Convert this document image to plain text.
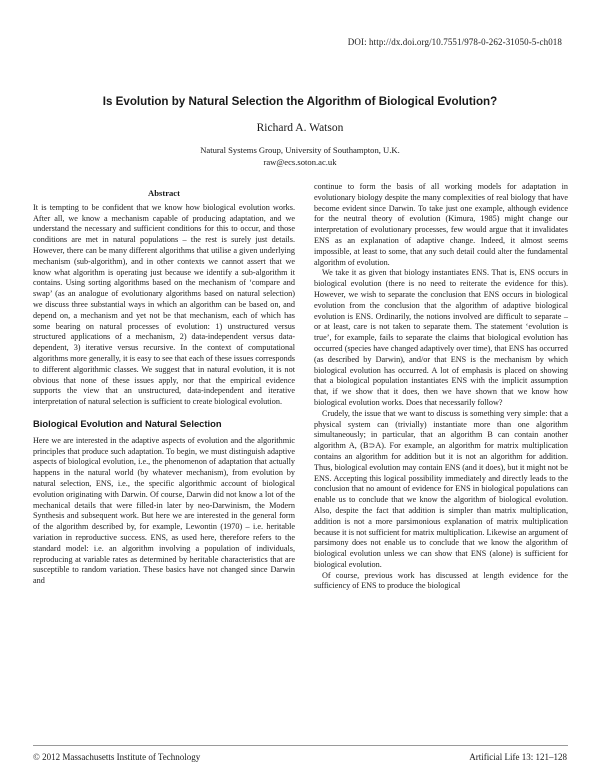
DOI: http://dx.doi.org/10.7551/978-0-262-31050-5-ch018
Is Evolution by Natural Selection the Algorithm of Biological Evolution?
Richard A. Watson
Natural Systems Group, University of Southampton, U.K.
raw@ecs.soton.ac.uk
Abstract

It is tempting to be confident that we know how biological evolution works. After all, we know a mechanism capable of producing adaptation, and we understand the necessary and sufficient conditions for this to occur, and those conditions are met in natural populations – the rest is surely just details. However, there can be many different algorithms that utilise a given underlying mechanism (sub-algorithm), and in other contexts we cannot assert that we know what algorithm is operating just because we identify a sub-algorithm it contains. Using sorting algorithms based on the mechanism of ‘compare and swap’ (as an analogue of evolutionary algorithms based on natural selection) we discuss three substantial ways in which an algorithm can be based on, and depend on, a mechanism and yet not be that mechanism, each of which has some bearing on natural processes of evolution: 1) unstructured versus structured applications of a mechanism, 2) data-independent versus data-dependent, 3) iterative versus recursive. In the context of computational algorithms more generally, it is easy to see that each of these issues corresponds to different algorithmic classes. We suggest that in natural evolution, it is not obvious that none of these issues apply, nor that the empirical evidence supports the view that an unstructured, data-independent and iterative interpretation of natural selection is sufficient to create biological evolution.

Biological Evolution and Natural Selection

Here we are interested in the adaptive aspects of evolution and the algorithmic principles that produce such adaptation. To begin, we must distinguish adaptive aspects of biological evolution, i.e., the phenomenon of adaptation that actually happens in the natural world (by whatever mechanism), from evolution by natural selection, ENS, i.e., the specific algorithmic account of biological evolution originating with Darwin. Of course, Darwin did not know a lot of the mechanical details that were filled-in later by neo-Darwinism, the Modern Synthesis and subsequent work. But here we are interested in the general form of the algorithm described by, for example, Lewontin (1970) – i.e. heritable variation in reproductive success. ENS, as used here, therefore refers to the standard model: i.e. an algorithm involving a population of individuals, reproducing at variable rates as determined by heritable characteristics that are susceptible to random variation. These basics have not changed since Darwin and

continue to form the basis of all working models for adaptation in evolutionary biology despite the many complexities of real biology that have become evident since Darwin. To take just one example, although evidence for the neutral theory of evolution (Kimura, 1985) might change our interpretation of evolutionary processes, few would argue that it invalidates ENS as an explanation of adaptive change. Indeed, it almost seems impossible, at least to some, that any such detail could alter the fundamental algorithm of evolution.

We take it as given that biology instantiates ENS. That is, ENS occurs in biological evolution (there is no need to reiterate the evidence for this). However, we wish to separate the conclusion that ENS occurs in biological evolution from the conclusion that the algorithm of adaptive biological evolution is ENS. Ordinarily, the notions involved are difficult to separate – or at least, care is not taken to separate them. The statement ‘evolution is true’, for example, fails to separate the claims that biological evolution has occurred (species have changed adaptively over time), that ENS has occurred (as described by Darwin), and/or that ENS is the mechanism by which biological evolution has occurred. A lot of emphasis is placed on showing that a biological population instantiates ENS with the implicit assumption that, if we show that it does, then we have shown that we know how biological evolution works. Does that necessarily follow?

Crudely, the issue that we want to discuss is something very simple: that a physical system can (trivially) instantiate more than one algorithm simultaneously; in particular, that an algorithm B can contain another algorithm A, (B⊃A). For example, an algorithm for matrix multiplication contains an algorithm for addition but it is not an algorithm for addition. Thus, biological evolution may contain ENS (and it does), but it might not be ENS. Accepting this logical possibility immediately and directly leads to the conclusion that no amount of evidence for ENS in biological populations can enable us to conclude that we know the algorithm of biological evolution. Also, despite the fact that addition is simpler than matrix multiplication, addition is not a more parsimonious explanation of matrix multiplication because it is not sufficient for matrix multiplication. Likewise an argument of parsimony does not enable us to conclude that we know the algorithm of biological evolution unless we can show that ENS (alone) is sufficient for biological evolution.

Of course, previous work has discussed at length evidence for the sufficiency of ENS to produce the biological

© 2012 Massachusetts Institute of Technology	Artificial Life 13: 121–128
